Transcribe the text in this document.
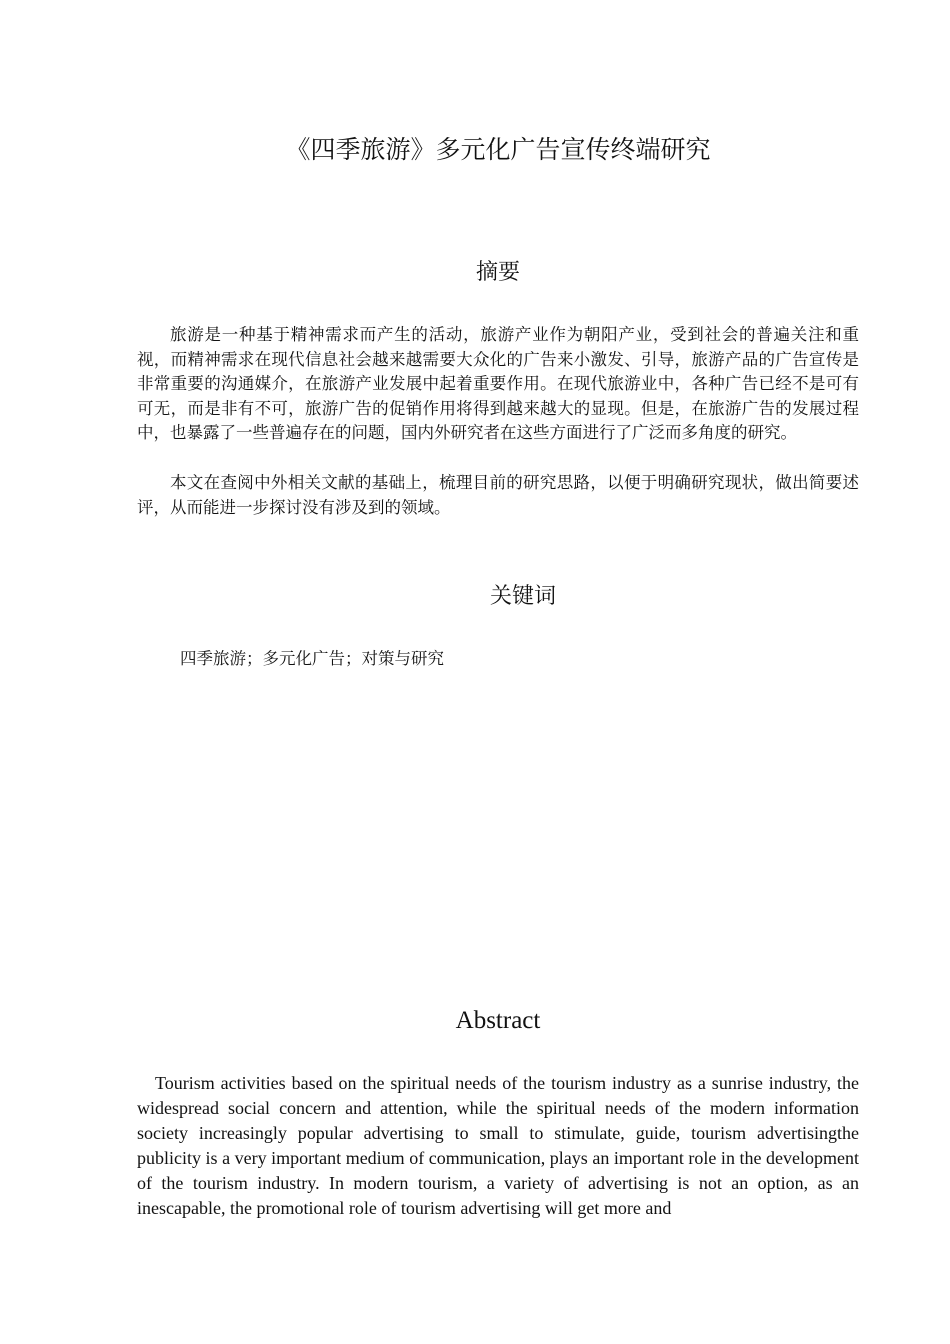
《四季旅游》多元化广告宣传终端研究
摘要

旅游是一种基于精神需求而产生的活动，旅游产业作为朝阳产业，受到社会的普遍关注和重视，而精神需求在现代信息社会越来越需要大众化的广告来小激发、引导，旅游产品的广告宣传是非常重要的沟通媒介，在旅游产业发展中起着重要作用。在现代旅游业中，各种广告已经不是可有可无，而是非有不可，旅游广告的促销作用将得到越来越大的显现。但是，在旅游广告的发展过程中，也暴露了一些普遍存在的问题，国内外研究者在这些方面进行了广泛而多角度的研究。

本文在查阅中外相关文献的基础上，梳理目前的研究思路，以便于明确研究现状，做出简要述评，从而能进一步探讨没有涉及到的领域。

关键词

四季旅游；多元化广告；对策与研究

Abstract

Tourism activities based on the spiritual needs of the tourism industry as a sunrise industry, the widespread social concern and attention, while the spiritual needs of the modern information society increasingly popular advertising to small to stimulate, guide, tourism advertisingthe publicity is a very important medium of communication, plays an important role in the development of the tourism industry. In modern tourism, a variety of advertising is not an option, as an inescapable, the promotional role of tourism advertising will get more and
